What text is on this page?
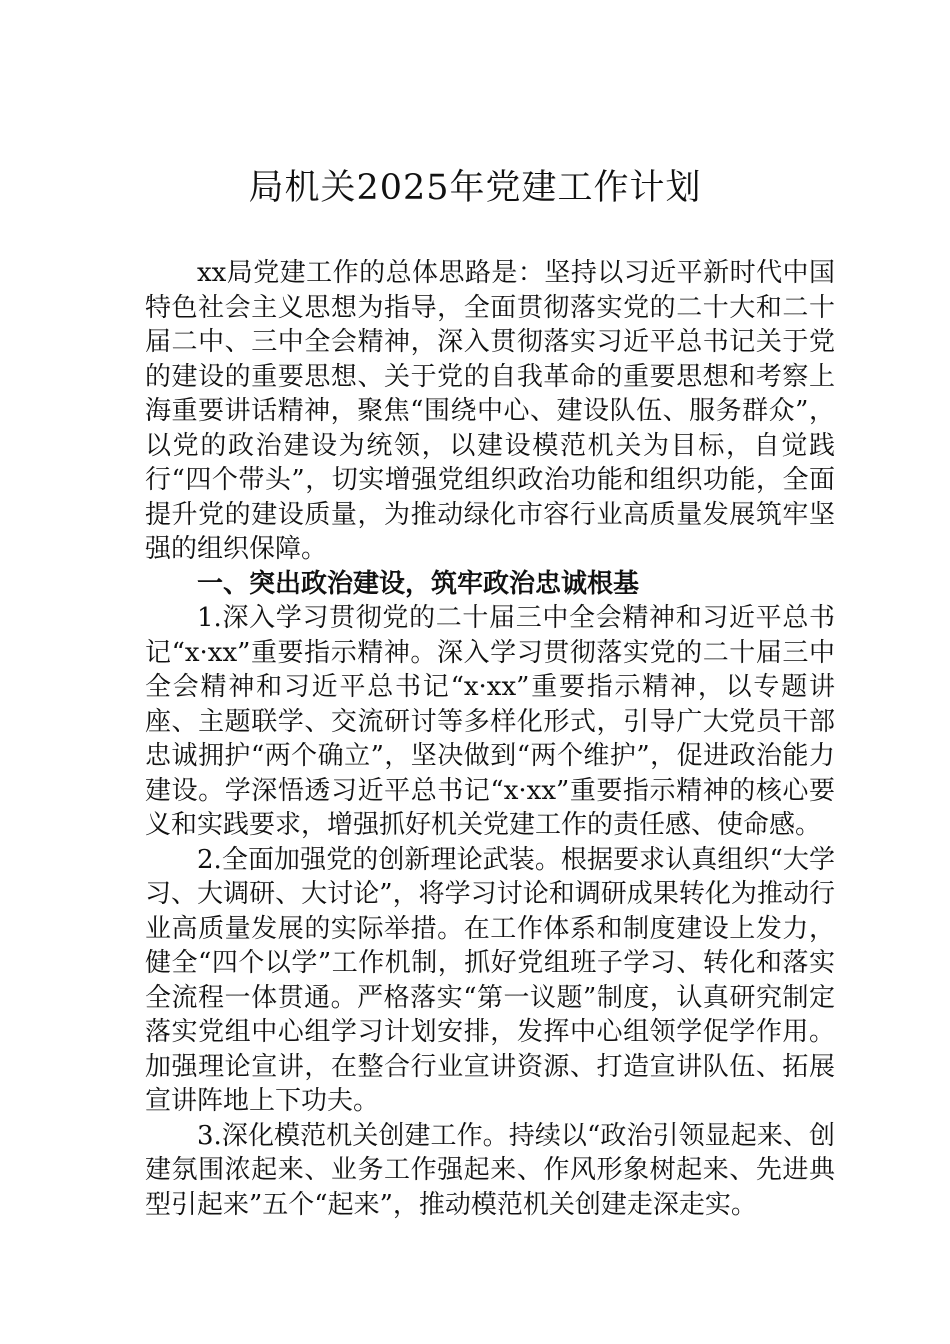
局机关2025年党建工作计划

xx局党建工作的总体思路是：坚持以习近平新时代中国特色社会主义思想为指导，全面贯彻落实党的二十大和二十届二中、三中全会精神，深入贯彻落实习近平总书记关于党的建设的重要思想、关于党的自我革命的重要思想和考察上海重要讲话精神，聚焦“围绕中心、建设队伍、服务群众”，以党的政治建设为统领，以建设模范机关为目标，自觉践行“四个带头”，切实增强党组织政治功能和组织功能，全面提升党的建设质量，为推动绿化市容行业高质量发展筑牢坚强的组织保障。

一、突出政治建设，筑牢政治忠诚根基

1.深入学习贯彻党的二十届三中全会精神和习近平总书记“x·xx”重要指示精神。深入学习贯彻落实党的二十届三中全会精神和习近平总书记“x·xx”重要指示精神，以专题讲座、主题联学、交流研讨等多样化形式，引导广大党员干部忠诚拥护“两个确立”，坚决做到“两个维护”，促进政治能力建设。学深悟透习近平总书记“x·xx”重要指示精神的核心要义和实践要求，增强抓好机关党建工作的责任感、使命感。

2.全面加强党的创新理论武装。根据要求认真组织“大学习、大调研、大讨论”，将学习讨论和调研成果转化为推动行业高质量发展的实际举措。在工作体系和制度建设上发力，健全“四个以学”工作机制，抓好党组班子学习、转化和落实全流程一体贯通。严格落实“第一议题”制度，认真研究制定落实党组中心组学习计划安排，发挥中心组领学促学作用。加强理论宣讲，在整合行业宣讲资源、打造宣讲队伍、拓展宣讲阵地上下功夫。

3.深化模范机关创建工作。持续以“政治引领显起来、创建氛围浓起来、业务工作强起来、作风形象树起来、先进典型引起来”五个“起来”，推动模范机关创建走深走实。
